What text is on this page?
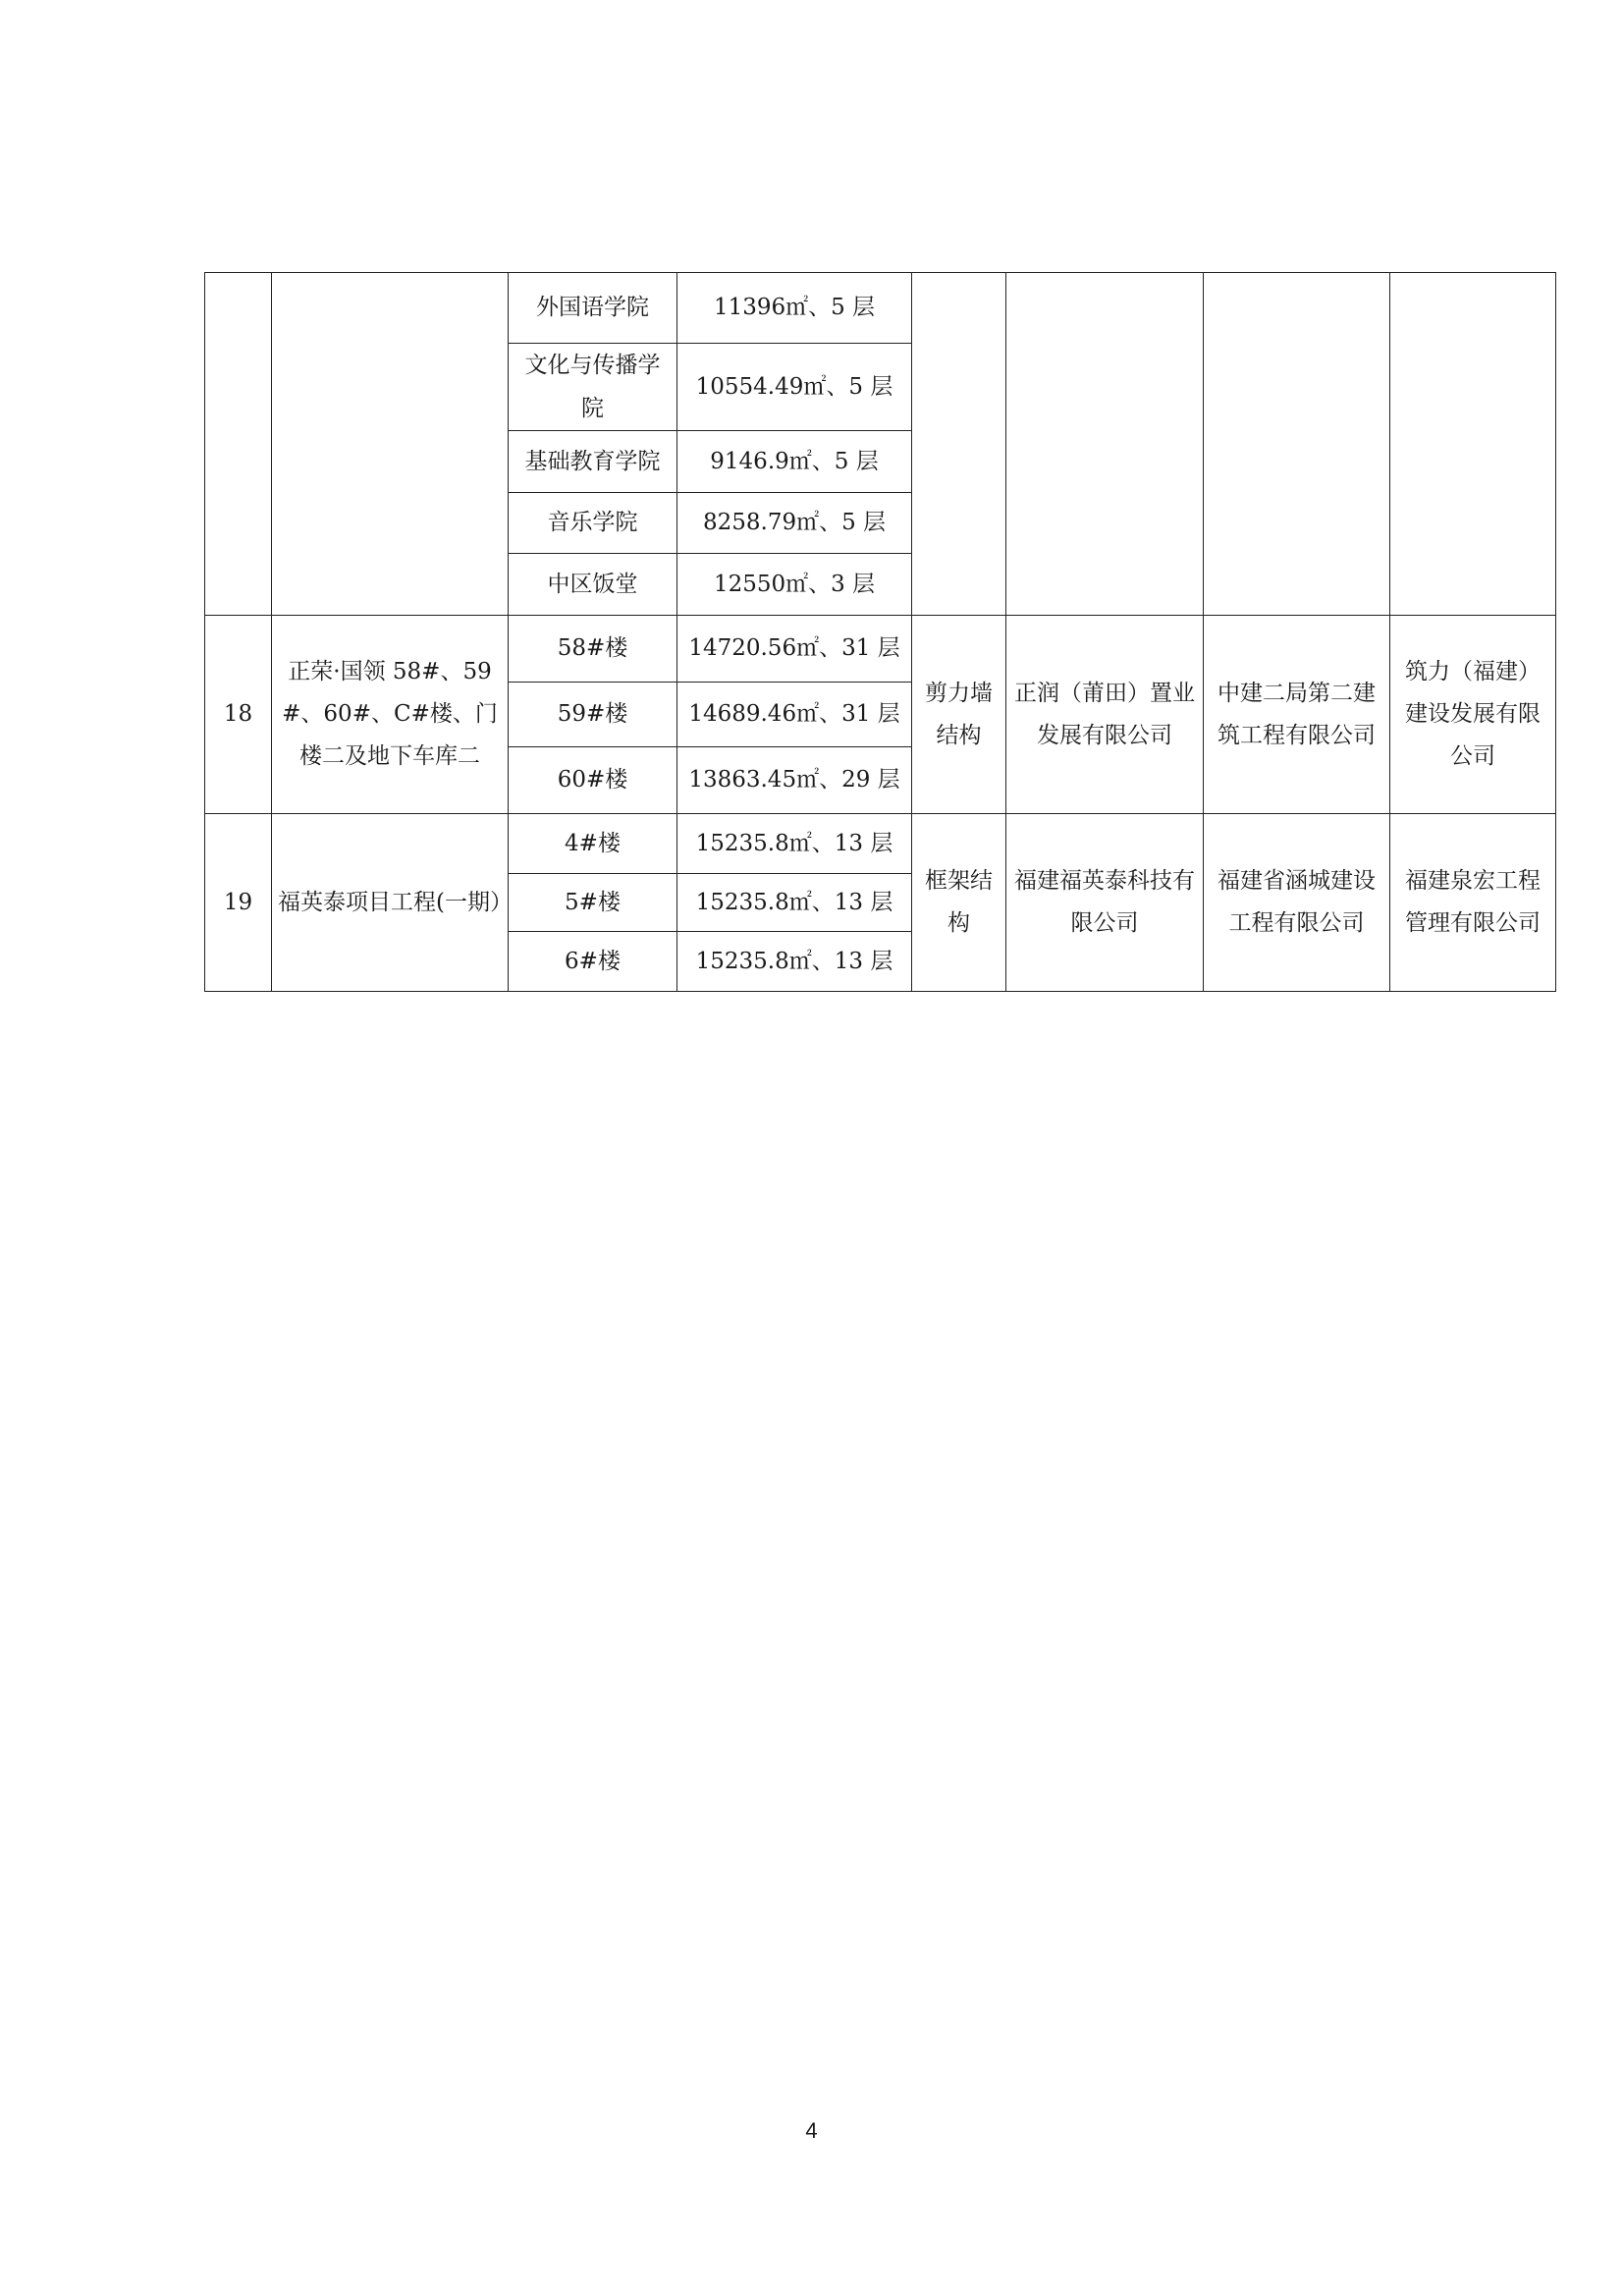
		外国语学院	11396㎡、5 层				

		文化与传播学院	10554.49㎡、5 层				

		基础教育学院	9146.9㎡、5 层				

		音乐学院	8258.79㎡、5 层				

		中区饭堂	12550㎡、3 层				

18	正荣·国领 58#、59#、60#、C#楼、门楼二及地下车库二	58#楼	14720.56㎡、31 层	剪力墙结构	正润（莆田）置业发展有限公司	中建二局第二建筑工程有限公司	筑力（福建）建设发展有限公司

		59#楼	14689.46㎡、31 层				

		60#楼	13863.45㎡、29 层				

19	福英泰项目工程(一期）	4#楼	15235.8㎡、13 层	框架结构	福建福英泰科技有限公司	福建省涵城建设工程有限公司	福建泉宏工程管理有限公司

		5#楼	15235.8㎡、13 层				

		6#楼	15235.8㎡、13 层				
4
